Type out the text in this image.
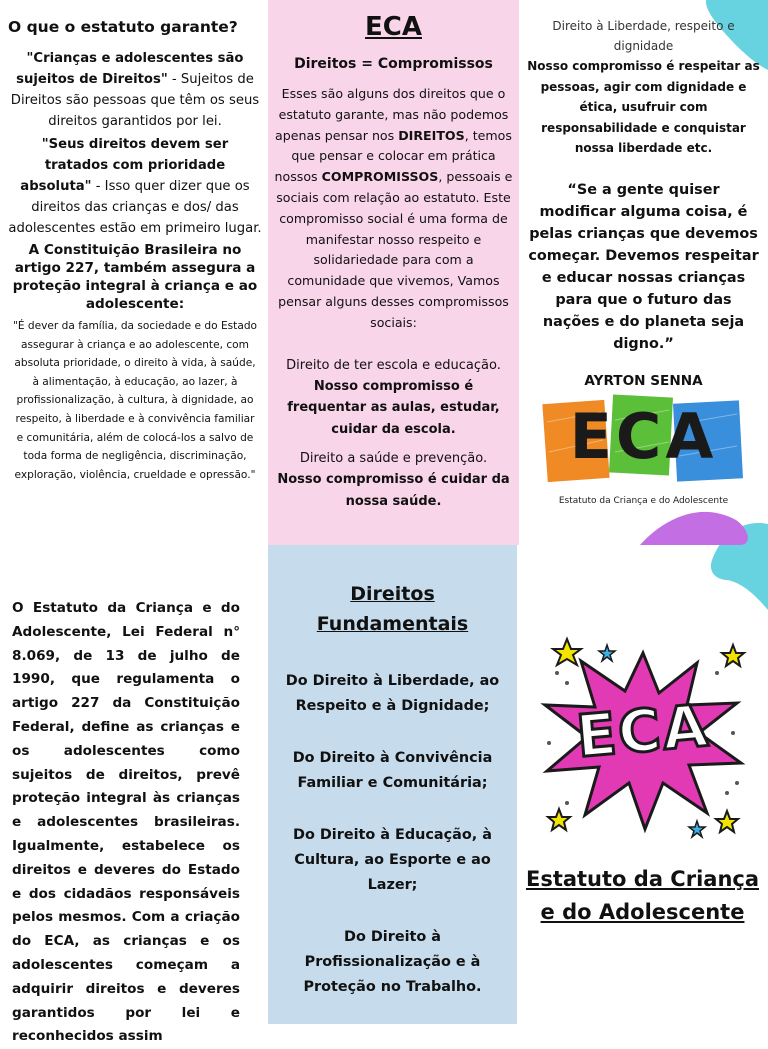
O que o estatuto garante?

"Crianças e adolescentes são sujeitos de Direitos" - Sujeitos de Direitos são pessoas que têm os seus direitos garantidos por lei.

"Seus direitos devem ser tratados com prioridade absoluta" - Isso quer dizer que os direitos das crianças e dos/ das adolescentes estão em primeiro lugar.

A Constituição Brasileira no artigo 227, também assegura a proteção integral à criança e ao adolescente:

"É dever da família, da sociedade e do Estado assegurar à criança e ao adolescente, com absoluta prioridade, o direito à vida, à saúde, à alimentação, à educação, ao lazer, à profissionalização, à cultura, à dignidade, ao respeito, à liberdade e à convivência familiar e comunitária, além de colocá-los a salvo de toda forma de negligência, discriminação, exploração, violência, crueldade e opressão."

ECA

Direitos = Compromissos

Esses são alguns dos direitos que o estatuto garante, mas não podemos apenas pensar nos DIREITOS, temos que pensar e colocar em prática nossos COMPROMISSOS, pessoais e sociais com relação ao estatuto. Este compromisso social é uma forma de manifestar nosso respeito e solidariedade para com a comunidade que vivemos, Vamos pensar alguns desses compromissos sociais:

Direito de ter escola e educação.

Nosso compromisso é frequentar as aulas, estudar, cuidar da escola.

Direito a saúde e prevenção.

Nosso compromisso é cuidar da nossa saúde.

Direito à Liberdade, respeito e dignidade

Nosso compromisso é respeitar as pessoas, agir com dignidade e ética, usufruir com responsabilidade e conquistar nossa liberdade etc.

“Se a gente quiser modificar alguma coisa, é pelas crianças que devemos começar. Devemos respeitar e educar nossas crianças para que o futuro das nações e do planeta seja digno.”

AYRTON SENNA

ECA
Estatuto da Criança e do Adolescente

O Estatuto da Criança e do Adolescente, Lei Federal n° 8.069, de 13 de julho de 1990, que regulamenta o artigo 227 da Constituição Federal, define as crianças e os adolescentes como sujeitos de direitos, prevê proteção integral às crianças e adolescentes brasileiras. Igualmente, estabelece os direitos e deveres do Estado e dos cidadãos responsáveis pelos mesmos. Com a criação do ECA, as crianças e os adolescentes começam a adquirir direitos e deveres garantidos por lei e reconhecidos assim

Direitos Fundamentais

Do Direito à Liberdade, ao Respeito e à Dignidade;

Do Direito à Convivência Familiar e Comunitária;

Do Direito à Educação, à Cultura, ao Esporte e ao Lazer;

Do Direito à Profissionalização e à Proteção no Trabalho.

ECA

Estatuto da Criança e do Adolescente
